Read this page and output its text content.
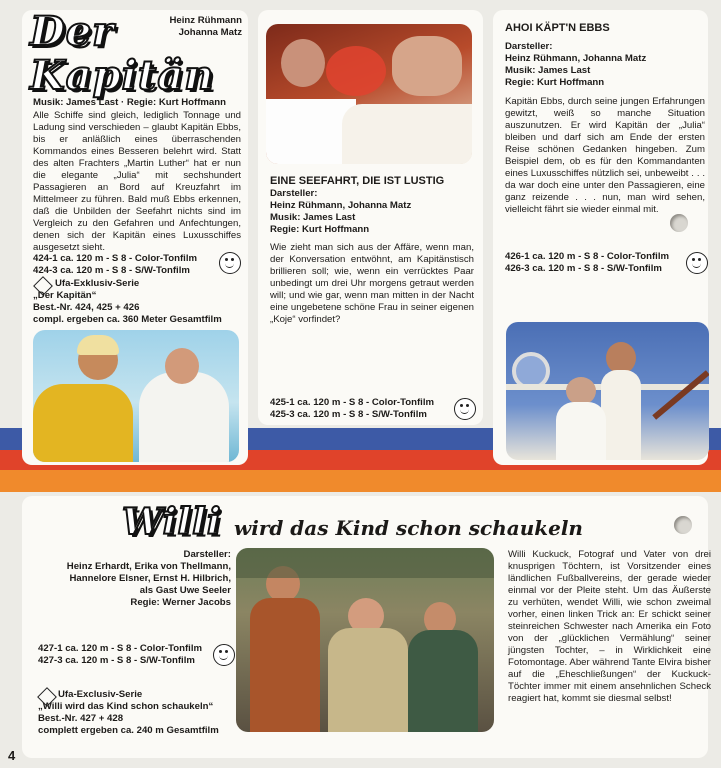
Der Kapitän
Heinz Rühmann
Johanna Matz
Musik: James Last · Regie: Kurt Hoffmann
Alle Schiffe sind gleich, lediglich Tonnage und Ladung sind verschieden – glaubt Kapitän Ebbs, bis er anläßlich eines überraschenden Kommandos eines Besseren belehrt wird. Statt des alten Frachters „Martin Luther“ hat er nun die elegante „Julia“ mit sechshundert Passagieren an Bord auf Kreuzfahrt im Mittelmeer zu führen. Bald muß Ebbs erkennen, daß die Unbilden der Seefahrt nichts sind im Vergleich zu den Gefahren und Anfechtungen, denen sich der Kapitän eines Luxusschiffes ausgesetzt sieht.
424-1 ca. 120 m - S 8 - Color-Tonfilm
424-3 ca. 120 m - S 8 - S/W-Tonfilm
Ufa-Exklusiv-Serie
„Der Kapitän“
Best.-Nr. 424, 425 + 426
compl. ergeben ca. 360 Meter Gesamtfilm
EINE SEEFAHRT, DIE IST LUSTIG
Darsteller:
Heinz Rühmann, Johanna Matz
Musik: James Last
Regie: Kurt Hoffmann
Wie zieht man sich aus der Affäre, wenn man, der Konversation entwöhnt, am Kapitänstisch brillieren soll; wie, wenn ein verrücktes Paar unbedingt um drei Uhr morgens getraut werden will; und wie gar, wenn man mitten in der Nacht eine ungebetene schöne Frau in seiner eigenen „Koje“ vorfindet?
425-1 ca. 120 m - S 8 - Color-Tonfilm
425-3 ca. 120 m - S 8 - S/W-Tonfilm
AHOI KÄPT'N EBBS
Darsteller:
Heinz Rühmann, Johanna Matz
Musik: James Last
Regie: Kurt Hoffmann
Kapitän Ebbs, durch seine jungen Erfahrungen gewitzt, weiß so manche Situation auszunutzen. Er wird Kapitän der „Julia“ bleiben und darf sich am Ende der ersten Reise schönen Gedanken hingeben. Zum Beispiel dem, ob es für den Kommandanten eines Luxusschiffes nützlich sei, unbeweibt . . . da war doch eine unter den Passagieren, eine ganz reizende . . . nun, man wird sehen, vielleicht fährt sie wieder einmal mit.
426-1 ca. 120 m - S 8 - Color-Tonfilm
426-3 ca. 120 m - S 8 - S/W-Tonfilm
Willi wird das Kind schon schaukeln
Darsteller:
Heinz Erhardt, Erika von Thellmann,
Hannelore Elsner, Ernst H. Hilbrich,
als Gast Uwe Seeler
Regie: Werner Jacobs
427-1 ca. 120 m - S 8 - Color-Tonfilm
427-3 ca. 120 m - S 8 - S/W-Tonfilm
Ufa-Exclusiv-Serie
„Willi wird das Kind schon schaukeln“
Best.-Nr. 427 + 428
complett ergeben ca. 240 m Gesamtfilm
Willi Kuckuck, Fotograf und Vater von drei knusprigen Töchtern, ist Vorsitzender eines ländlichen Fußballvereins, der gerade wieder einmal vor der Pleite steht. Um das Äußerste zu verhüten, wendet Willi, wie schon zweimal vorher, einen linken Trick an: Er schickt seiner steinreichen Schwester nach Amerika ein Foto von der „glücklichen Vermählung“ seiner jüngsten Tochter, – in Wirklichkeit eine Fotomontage. Aber während Tante Elvira bisher auf die „Eheschließungen“ der Kuckuck-Töchter immer mit einem ansehnlichen Scheck reagiert hat, kommt sie diesmal selbst!
4
